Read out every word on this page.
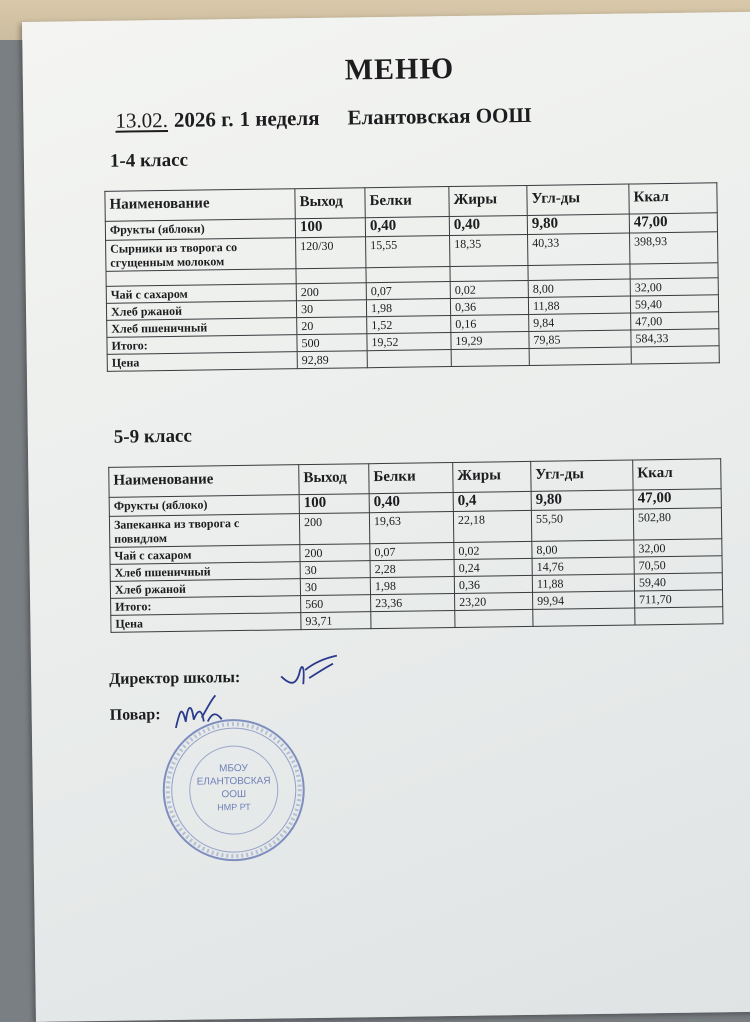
МЕНЮ
13.02. 2026 г. 1 неделя Елантовская ООШ
1-4 класс
Наименование	Выход	Белки	Жиры	Угл-ды	Ккал
Фрукты (яблоки)	100	0,40	0,40	9,80	47,00
Сырники из творога со сгущенным молоком	120/30	15,55	18,35	40,33	398,93

Чай с сахаром	200	0,07	0,02	8,00	32,00
Хлеб ржаной	30	1,98	0,36	11,88	59,40
Хлеб пшеничный	20	1,52	0,16	9,84	47,00
Итого:	500	19,52	19,29	79,85	584,33
Цена	92,89				
5-9 класс
Наименование	Выход	Белки	Жиры	Угл-ды	Ккал
Фрукты (яблоко)	100	0,40	0,4	9,80	47,00
Запеканка из творога с повидлом	200	19,63	22,18	55,50	502,80
Чай с сахаром	200	0,07	0,02	8,00	32,00
Хлеб пшеничный	30	2,28	0,24	14,76	70,50
Хлеб ржаной	30	1,98	0,36	11,88	59,40
Итого:	560	23,36	23,20	99,94	711,70
Цена	93,71				
Директор школы:
Повар:
МБОУ
ЕЛАНТОВСКАЯ
ООШ
НМР РТ
